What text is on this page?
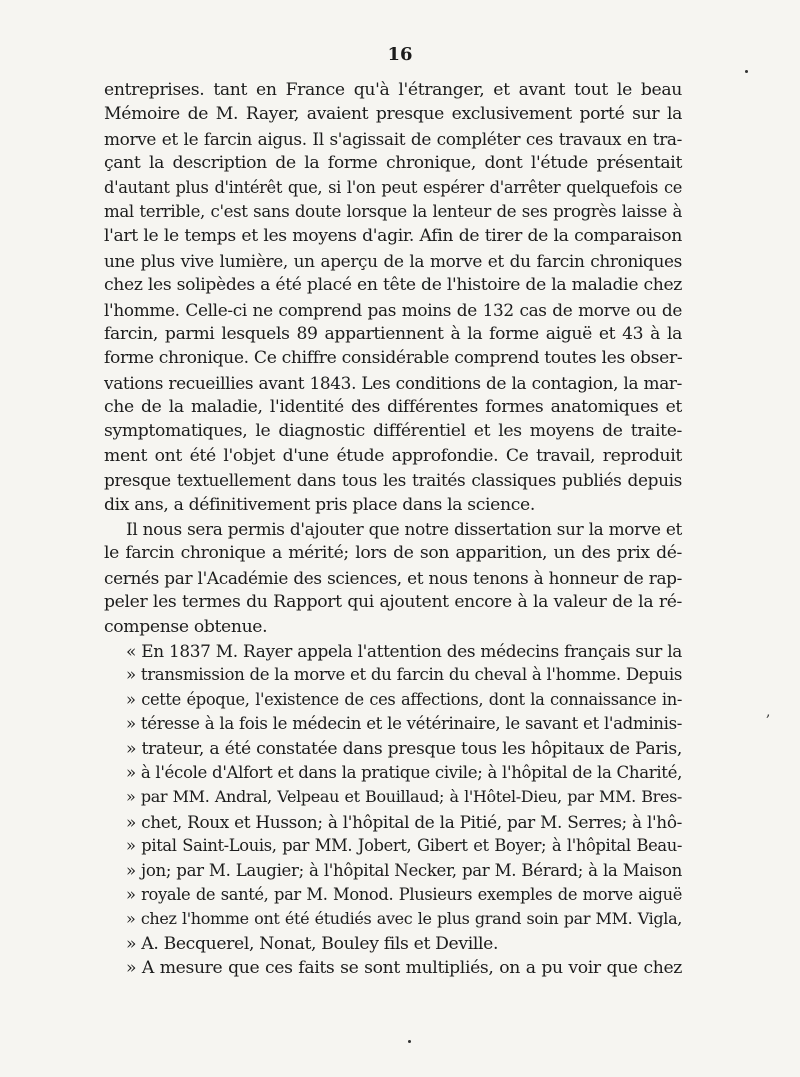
16
entreprises. tant en France qu'à l'étranger, et avant tout le beau
Mémoire de M. Rayer, avaient presque exclusivement porté sur la
morve et le farcin aigus. Il s'agissait de compléter ces travaux en tra-
çant la description de la forme chronique, dont l'étude présentait
d'autant plus d'intérêt que, si l'on peut espérer d'arrêter quelquefois ce
mal terrible, c'est sans doute lorsque la lenteur de ses progrès laisse à
l'art le le temps et les moyens d'agir. Afin de tirer de la comparaison
une plus vive lumière, un aperçu de la morve et du farcin chroniques
chez les solipèdes a été placé en tête de l'histoire de la maladie chez
l'homme. Celle-ci ne comprend pas moins de 132 cas de morve ou de
farcin, parmi lesquels 89 appartiennent à la forme aiguë et 43 à la
forme chronique. Ce chiffre considérable comprend toutes les obser-
vations recueillies avant 1843. Les conditions de la contagion, la mar-
che de la maladie, l'identité des différentes formes anatomiques et
symptomatiques, le diagnostic différentiel et les moyens de traite-
ment ont été l'objet d'une étude approfondie. Ce travail, reproduit
presque textuellement dans tous les traités classiques publiés depuis
dix ans, a définitivement pris place dans la science.
Il nous sera permis d'ajouter que notre dissertation sur la morve et
le farcin chronique a mérité; lors de son apparition, un des prix dé-
cernés par l'Académie des sciences, et nous tenons à honneur de rap-
peler les termes du Rapport qui ajoutent encore à la valeur de la ré-
compense obtenue.
« En 1837 M. Rayer appela l'attention des médecins français sur la
» transmission de la morve et du farcin du cheval à l'homme. Depuis
» cette époque, l'existence de ces affections, dont la connaissance in-
» téresse à la fois le médecin et le vétérinaire, le savant et l'adminis-
» trateur, a été constatée dans presque tous les hôpitaux de Paris,
» à l'école d'Alfort et dans la pratique civile; à l'hôpital de la Charité,
» par MM. Andral, Velpeau et Bouillaud; à l'Hôtel-Dieu, par MM. Bres-
» chet, Roux et Husson; à l'hôpital de la Pitié, par M. Serres; à l'hô-
» pital Saint-Louis, par MM. Jobert, Gibert et Boyer; à l'hôpital Beau-
» jon; par M. Laugier; à l'hôpital Necker, par M. Bérard; à la Maison
» royale de santé, par M. Monod. Plusieurs exemples de morve aiguë
» chez l'homme ont été étudiés avec le plus grand soin par MM. Vigla,
» A. Becquerel, Nonat, Bouley fils et Deville.
» A mesure que ces faits se sont multipliés, on a pu voir que chez
,
